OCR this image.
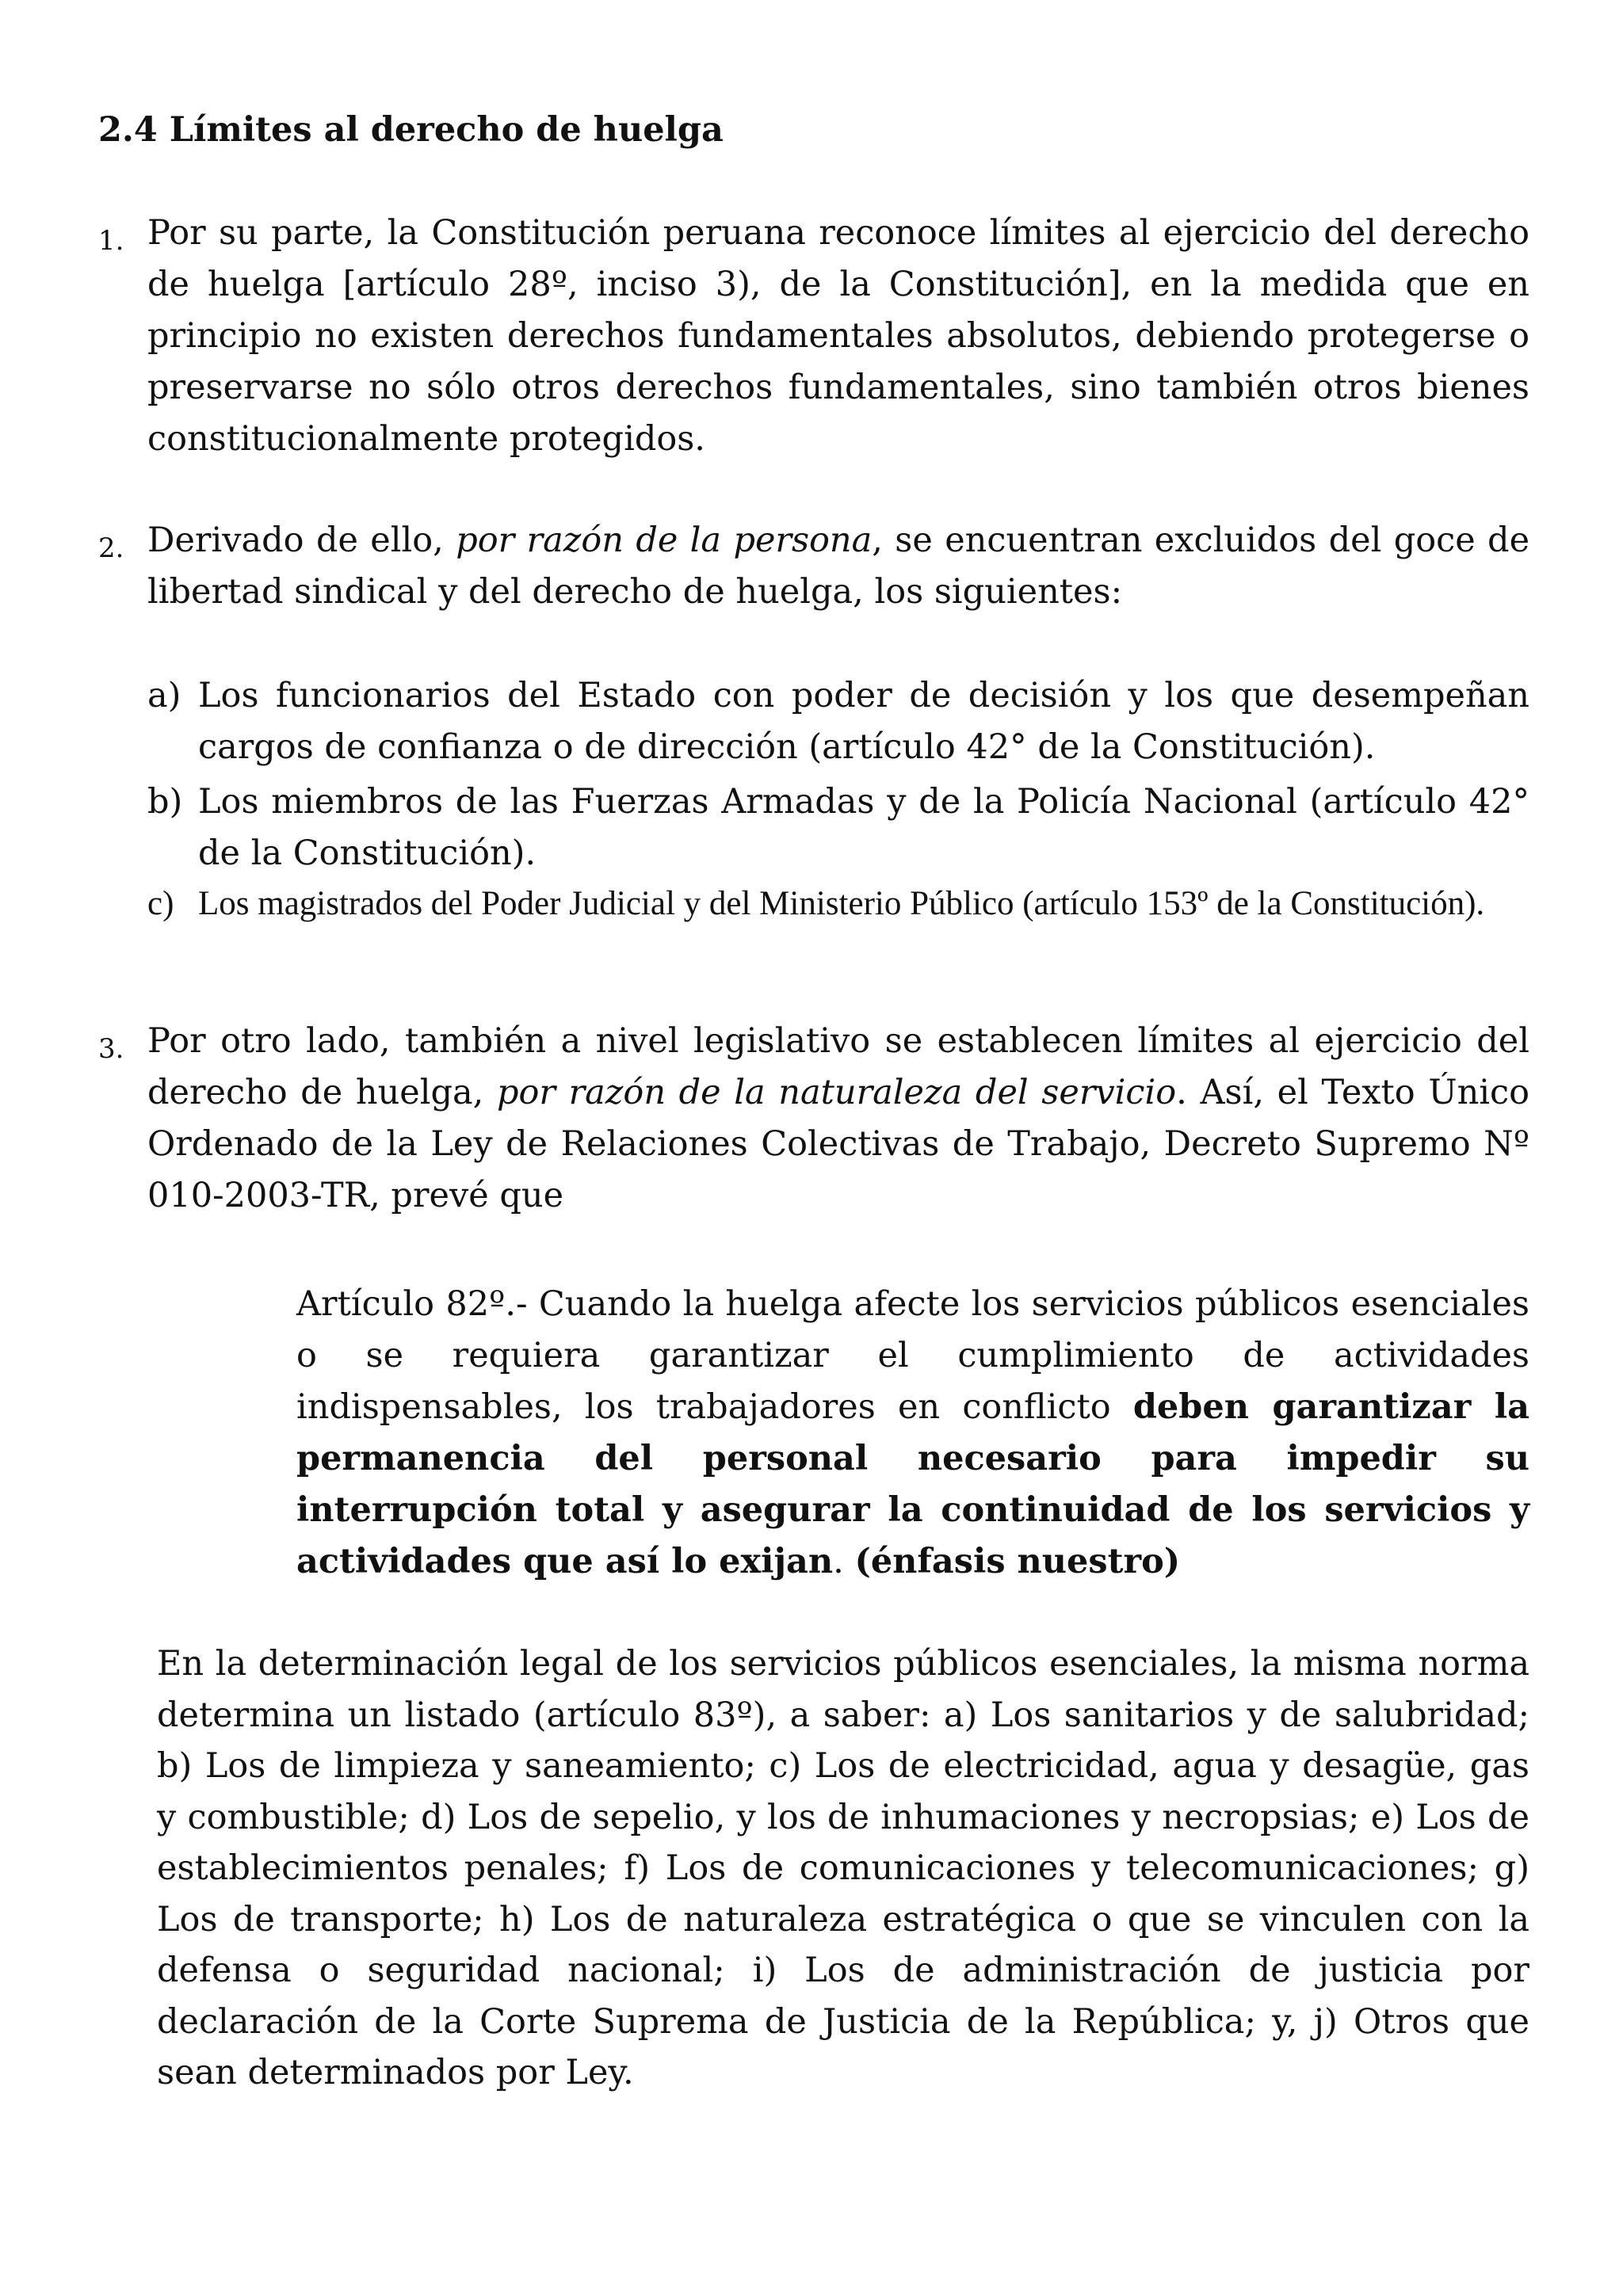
2.4 Límites al derecho de huelga
1. Por su parte, la Constitución peruana reconoce límites al ejercicio del derecho de huelga [artículo 28º, inciso 3), de la Constitución], en la medida que en principio no existen derechos fundamentales absolutos, debiendo protegerse o preservarse no sólo otros derechos fundamentales, sino también otros bienes constitucionalmente protegidos.

2. Derivado de ello, por razón de la persona, se encuentran excluidos del goce de libertad sindical y del derecho de huelga, los siguientes:

a) Los funcionarios del Estado con poder de decisión y los que desempeñan cargos de confianza o de dirección (artículo 42° de la Constitución).
b) Los miembros de las Fuerzas Armadas y de la Policía Nacional (artículo 42° de la Constitución).
c) Los magistrados del Poder Judicial y del Ministerio Público (artículo 153º de la Constitución).
3. Por otro lado, también a nivel legislativo se establecen límites al ejercicio del derecho de huelga, por razón de la naturaleza del servicio. Así, el Texto Único Ordenado de la Ley de Relaciones Colectivas de Trabajo, Decreto Supremo Nº 010-2003-TR, prevé que

Artículo 82º.- Cuando la huelga afecte los servicios públicos esenciales o se requiera garantizar el cumplimiento de actividades indispensables, los trabajadores en conflicto deben garantizar la permanencia del personal necesario para impedir su interrupción total y asegurar la continuidad de los servicios y actividades que así lo exijan. (énfasis nuestro)

En la determinación legal de los servicios públicos esenciales, la misma norma determina un listado (artículo 83º), a saber: a) Los sanitarios y de salubridad; b) Los de limpieza y saneamiento; c) Los de electricidad, agua y desagüe, gas y combustible; d) Los de sepelio, y los de inhumaciones y necropsias; e) Los de establecimientos penales; f) Los de comunicaciones y telecomunicaciones; g) Los de transporte; h) Los de naturaleza estratégica o que se vinculen con la defensa o seguridad nacional; i) Los de administración de justicia por declaración de la Corte Suprema de Justicia de la República; y, j) Otros que sean determinados por Ley.
